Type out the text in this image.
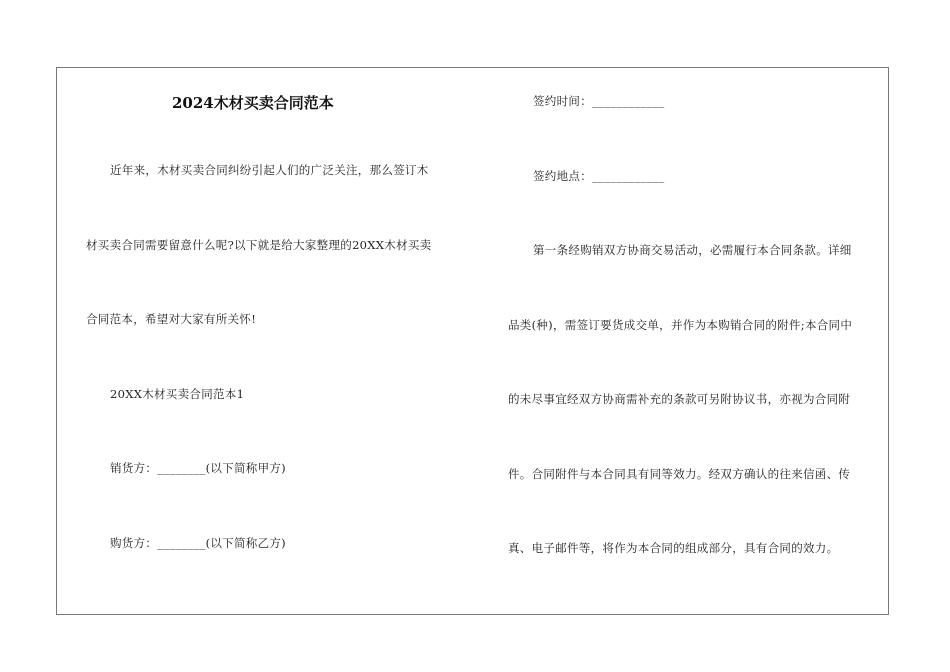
2024木材买卖合同范本
近年来，木材买卖合同纠纷引起人们的广泛关注，那么签订木
材买卖合同需要留意什么呢?以下就是给大家整理的20XX木材买卖
合同范本，希望对大家有所关怀!
20XX木材买卖合同范本1
销货方：________(以下简称甲方)
购货方：________(以下简称乙方)
签约时间：____________
签约地点：____________
第一条经购销双方协商交易活动，必需履行本合同条款。详细
品类(种)，需签订要货成交单，并作为本购销合同的附件;本合同中
的未尽事宜经双方协商需补充的条款可另附协议书，亦视为合同附
件。合同附件与本合同具有同等效力。经双方确认的往来信函、传
真、电子邮件等，将作为本合同的组成部分，具有合同的效力。
